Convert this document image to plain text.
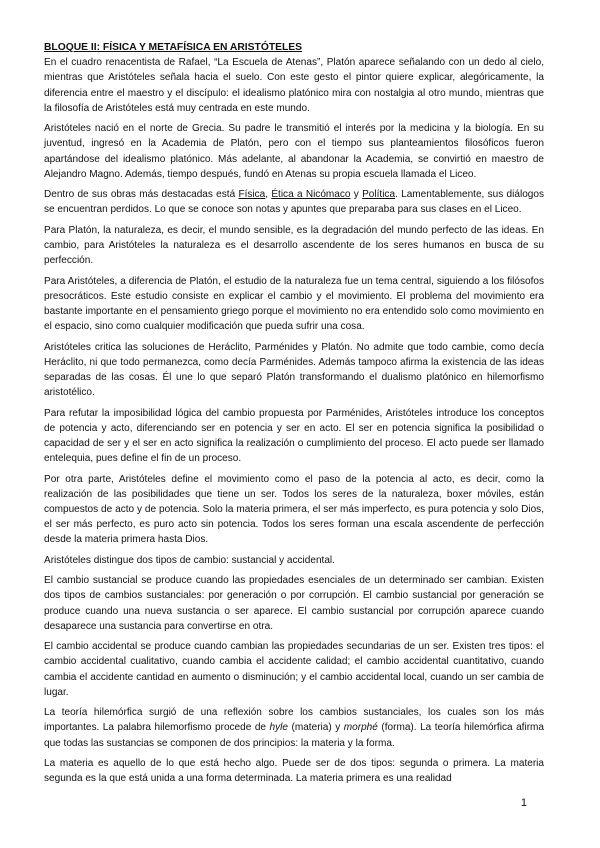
BLOQUE II: FÍSICA Y METAFÍSICA EN ARISTÓTELES

En el cuadro renacentista de Rafael, “La Escuela de Atenas”, Platón aparece señalando con un dedo al cielo, mientras que Aristóteles señala hacia el suelo. Con este gesto el pintor quiere explicar, alegóricamente, la diferencia entre el maestro y el discípulo: el idealismo platónico mira con nostalgia al otro mundo, mientras que la filosofía de Aristóteles está muy centrada en este mundo.

Aristóteles nació en el norte de Grecia. Su padre le transmitió el interés por la medicina y la biología. En su juventud, ingresó en la Academia de Platón, pero con el tiempo sus planteamientos filosóficos fueron apartándose del idealismo platónico. Más adelante, al abandonar la Academia, se convirtió en maestro de Alejandro Magno. Además, tiempo después, fundó en Atenas su propia escuela llamada el Liceo.

Dentro de sus obras más destacadas está Física, Ética a Nicómaco y Política. Lamentablemente, sus diálogos se encuentran perdidos. Lo que se conoce son notas y apuntes que preparaba para sus clases en el Liceo.

Para Platón, la naturaleza, es decir, el mundo sensible, es la degradación del mundo perfecto de las ideas. En cambio, para Aristóteles la naturaleza es el desarrollo ascendente de los seres humanos en busca de su perfección.

Para Aristóteles, a diferencia de Platón, el estudio de la naturaleza fue un tema central, siguiendo a los filósofos presocráticos. Este estudio consiste en explicar el cambio y el movimiento. El problema del movimiento era bastante importante en el pensamiento griego porque el movimiento no era entendido solo como movimiento en el espacio, sino como cualquier modificación que pueda sufrir una cosa.

Aristóteles critica las soluciones de Heráclito, Parménides y Platón. No admite que todo cambie, como decía Heráclito, ni que todo permanezca, como decía Parménides. Además tampoco afirma la existencia de las ideas separadas de las cosas. Él une lo que separó Platón transformando el dualismo platónico en hilemorfismo aristotélico.

Para refutar la imposibilidad lógica del cambio propuesta por Parménides, Aristóteles introduce los conceptos de potencia y acto, diferenciando ser en potencia y ser en acto. El ser en potencia significa la posibilidad o capacidad de ser y el ser en acto significa la realización o cumplimiento del proceso. El acto puede ser llamado entelequia, pues define el fin de un proceso.

Por otra parte, Aristóteles define el movimiento como el paso de la potencia al acto, es decir, como la realización de las posibilidades que tiene un ser. Todos los seres de la naturaleza, boxer móviles, están compuestos de acto y de potencia. Solo la materia primera, el ser más imperfecto, es pura potencia y solo Dios, el ser más perfecto, es puro acto sin potencia. Todos los seres forman una escala ascendente de perfección desde la materia primera hasta Dios.

Aristóteles distingue dos tipos de cambio: sustancial y accidental.

El cambio sustancial se produce cuando las propiedades esenciales de un determinado ser cambian. Existen dos tipos de cambios sustanciales: por generación o por corrupción. El cambio sustancial por generación se produce cuando una nueva sustancia o ser aparece. El cambio sustancial por corrupción aparece cuando desaparece una sustancia para convertirse en otra.

El cambio accidental se produce cuando cambian las propiedades secundarias de un ser. Existen tres tipos: el cambio accidental cualitativo, cuando cambia el accidente calidad; el cambio accidental cuantitativo, cuando cambia el accidente cantidad en aumento o disminución; y el cambio accidental local, cuando un ser cambia de lugar.

La teoría hilemórfica surgió de una reflexión sobre los cambios sustanciales, los cuales son los más importantes. La palabra hilemorfismo procede de hyle (materia) y morphé (forma). La teoría hilemórfica afirma que todas las sustancias se componen de dos principios: la materia y la forma.

La materia es aquello de lo que está hecho algo. Puede ser de dos tipos: segunda o primera. La materia segunda es la que está unida a una forma determinada. La materia primera es una realidad

1
